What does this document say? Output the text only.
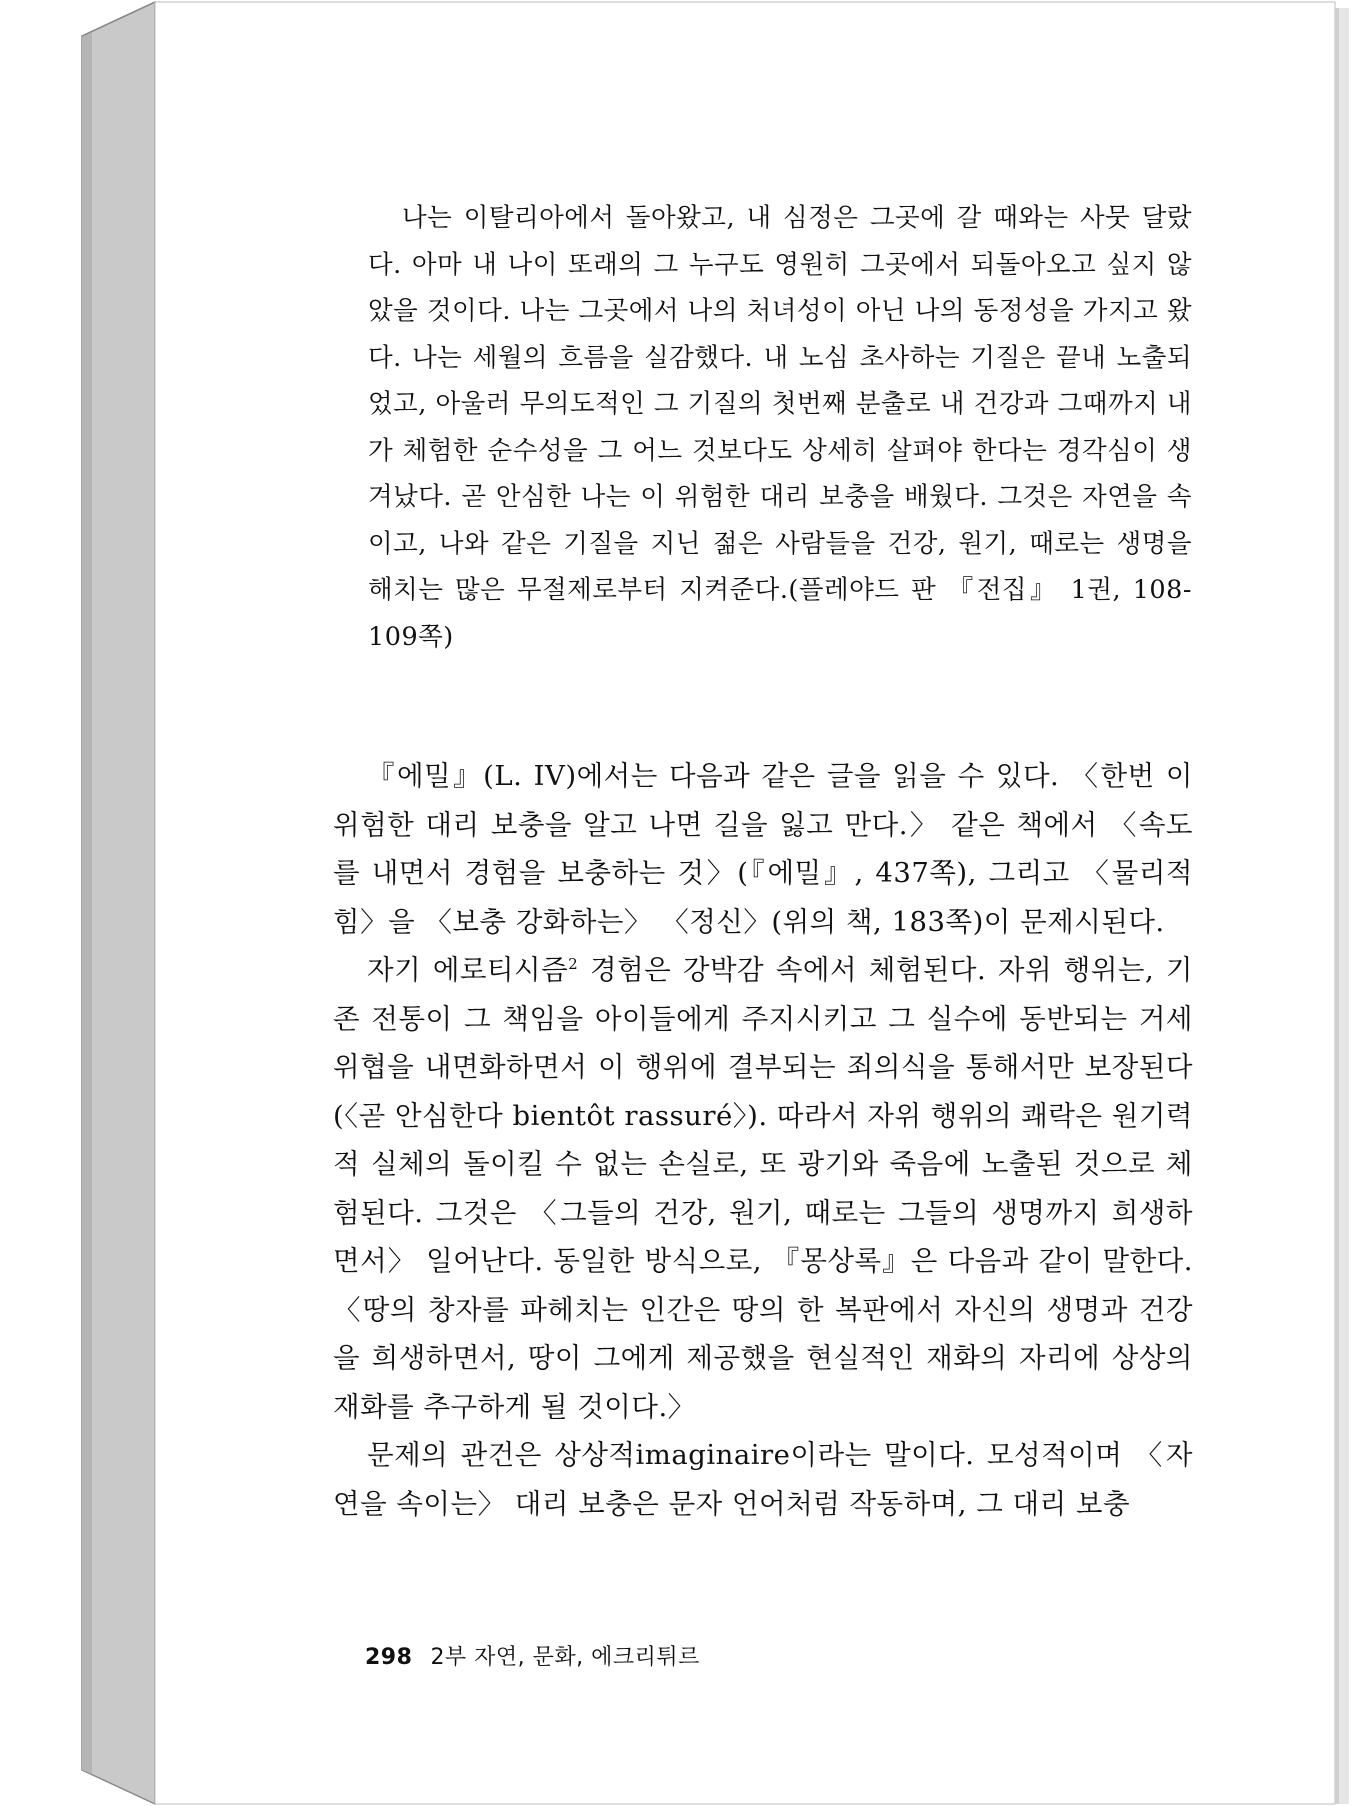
나는 이탈리아에서 돌아왔고, 내 심정은 그곳에 갈 때와는 사뭇 달랐다. 아마 내 나이 또래의 그 누구도 영원히 그곳에서 되돌아오고 싶지 않았을 것이다. 나는 그곳에서 나의 처녀성이 아닌 나의 동정성을 가지고 왔다. 나는 세월의 흐름을 실감했다. 내 노심 초사하는 기질은 끝내 노출되었고, 아울러 무의도적인 그 기질의 첫번째 분출로 내 건강과 그때까지 내가 체험한 순수성을 그 어느 것보다도 상세히 살펴야 한다는 경각심이 생겨났다. 곧 안심한 나는 이 위험한 대리 보충을 배웠다. 그것은 자연을 속이고, 나와 같은 기질을 지닌 젊은 사람들을 건강, 원기, 때로는 생명을 해치는 많은 무절제로부터 지켜준다.(플레야드 판 『전집』 1권, 108-109쪽)

『에밀』(L. IV)에서는 다음과 같은 글을 읽을 수 있다. 〈한번 이 위험한 대리 보충을 알고 나면 길을 잃고 만다.〉 같은 책에서 〈속도를 내면서 경험을 보충하는 것〉(『에밀』, 437쪽), 그리고 〈물리적 힘〉을 〈보충 강화하는〉 〈정신〉(위의 책, 183쪽)이 문제시된다.

자기 에로티시즘$^2$ 경험은 강박감 속에서 체험된다. 자위 행위는, 기존 전통이 그 책임을 아이들에게 주지시키고 그 실수에 동반되는 거세 위협을 내면화하면서 이 행위에 결부되는 죄의식을 통해서만 보장된다(〈곧 안심한다 bientôt rassuré〉). 따라서 자위 행위의 쾌락은 원기력적 실체의 돌이킬 수 없는 손실로, 또 광기와 죽음에 노출된 것으로 체험된다. 그것은 〈그들의 건강, 원기, 때로는 그들의 생명까지 희생하면서〉 일어난다. 동일한 방식으로, 『몽상록』은 다음과 같이 말한다. 〈땅의 창자를 파헤치는 인간은 땅의 한 복판에서 자신의 생명과 건강을 희생하면서, 땅이 그에게 제공했을 현실적인 재화의 자리에 상상의 재화를 추구하게 될 것이다.〉

문제의 관건은 상상적imaginaire이라는 말이다. 모성적이며 〈자연을 속이는〉 대리 보충은 문자 언어처럼 작동하며, 그 대리 보충

298 2부 자연, 문화, 에크리튀르
